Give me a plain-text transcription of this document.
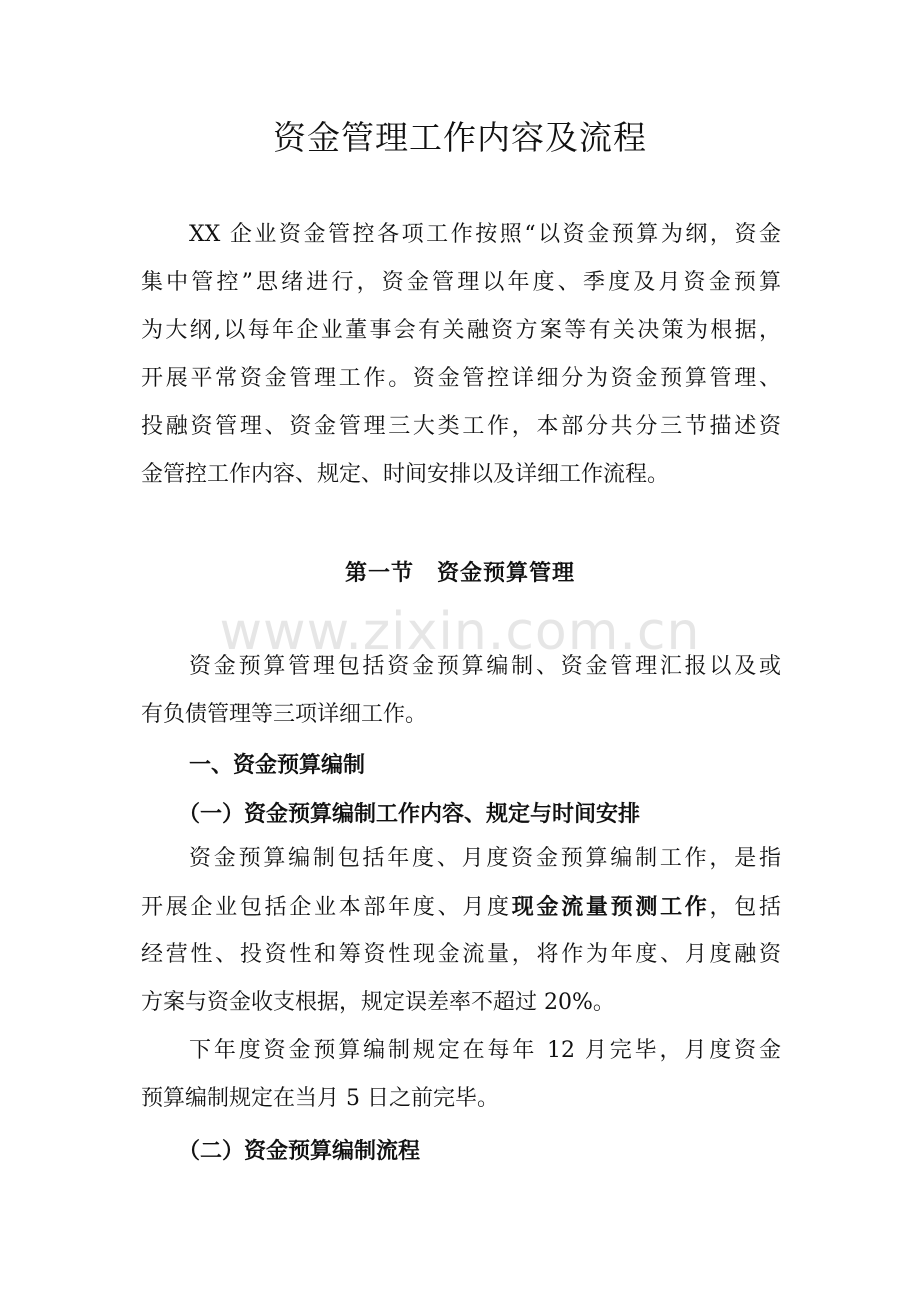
www.zixin.com.cn
资金管理工作内容及流程

XX 企业资金管控各项工作按照“以资金预算为纲，资金

集中管控”思绪进行，资金管理以年度、季度及月资金预算

为大纲,以每年企业董事会有关融资方案等有关决策为根据，

开展平常资金管理工作。资金管控详细分为资金预算管理、

投融资管理、资金管理三大类工作，本部分共分三节描述资

金管控工作内容、规定、时间安排以及详细工作流程。

第一节　资金预算管理

资金预算管理包括资金预算编制、资金管理汇报以及或

有负债管理等三项详细工作。

一、资金预算编制
（一）资金预算编制工作内容、规定与时间安排

资金预算编制包括年度、月度资金预算编制工作，是指

开展企业包括企业本部年度、月度现金流量预测工作，包括

经营性、投资性和筹资性现金流量，将作为年度、月度融资

方案与资金收支根据，规定误差率不超过 20%。

下年度资金预算编制规定在每年 12 月完毕，月度资金

预算编制规定在当月 5 日之前完毕。

（二）资金预算编制流程
